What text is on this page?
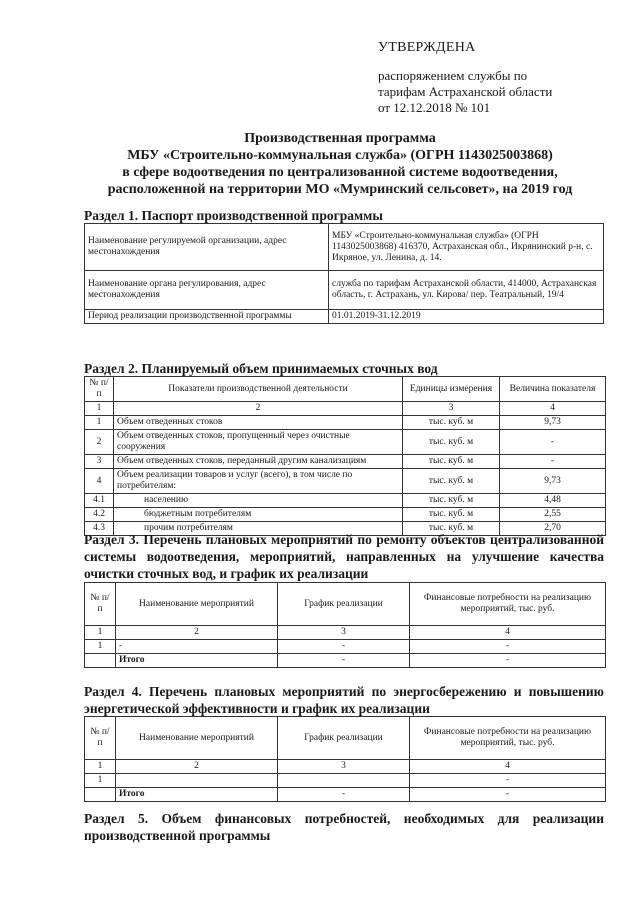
УТВЕРЖДЕНА
распоряжением службы по
тарифам Астраханской области
от 12.12.2018 № 101
Производственная программа
МБУ «Строительно-коммунальная служба» (ОГРН 1143025003868)
в сфере водоотведения по централизованной системе водоотведения,
расположенной на территории МО «Мумринский сельсовет», на 2019 год
Раздел 1. Паспорт производственной программы
Наименование регулируемой организации, адрес местонахождения	МБУ «Строительно-коммунальная служба» (ОГРН 1143025003868) 416370, Астраханская обл., Икрянинский р-н, с. Икряное, ул. Ленина, д. 14.
Наименование органа регулирования, адрес местонахождения	служба по тарифам Астраханской области, 414000, Астраханская область, г. Астрахань, ул. Кирова/ пер. Театральный, 19/4
Период реализации производственной программы	01.01.2019-31.12.2019
Раздел 2. Планируемый объем принимаемых сточных вод
№ п/п	Показатели производственной деятельности	Единицы измерения	Величина показателя
1	2	3	4
1	Объем отведенных стоков	тыс. куб. м	9,73
2	Объем отведенных стоков, пропущенный через очистные сооружения	тыс. куб. м	-
3	Объем отведенных стоков, переданный другим канализациям	тыс. куб. м	-
4	Объем реализации товаров и услуг (всего), в том числе по потребителям:	тыс. куб. м	9,73
4.1	населению	тыс. куб. м	4,48
4.2	бюджетным потребителям	тыс. куб. м	2,55
4.3	прочим потребителям	тыс. куб. м	2,70
Раздел 3. Перечень плановых мероприятий по ремонту объектов централизованной системы водоотведения, мероприятий, направленных на улучшение качества очистки сточных вод, и график их реализации
№ п/п	Наименование мероприятий	График реализации	Финансовые потребности на реализацию мероприятий, тыс. руб.
1	2	3	4
1	-	-	-
	Итого	-	-
Раздел 4. Перечень плановых мероприятий по энергосбережению и повышению энергетической эффективности и график их реализации
№ п/п	Наименование мероприятий	График реализации	Финансовые потребности на реализацию мероприятий, тыс. руб.
1	2	3	4
1			-
	Итого	-	-
Раздел 5. Объем финансовых потребностей, необходимых для реализации производственной программы
